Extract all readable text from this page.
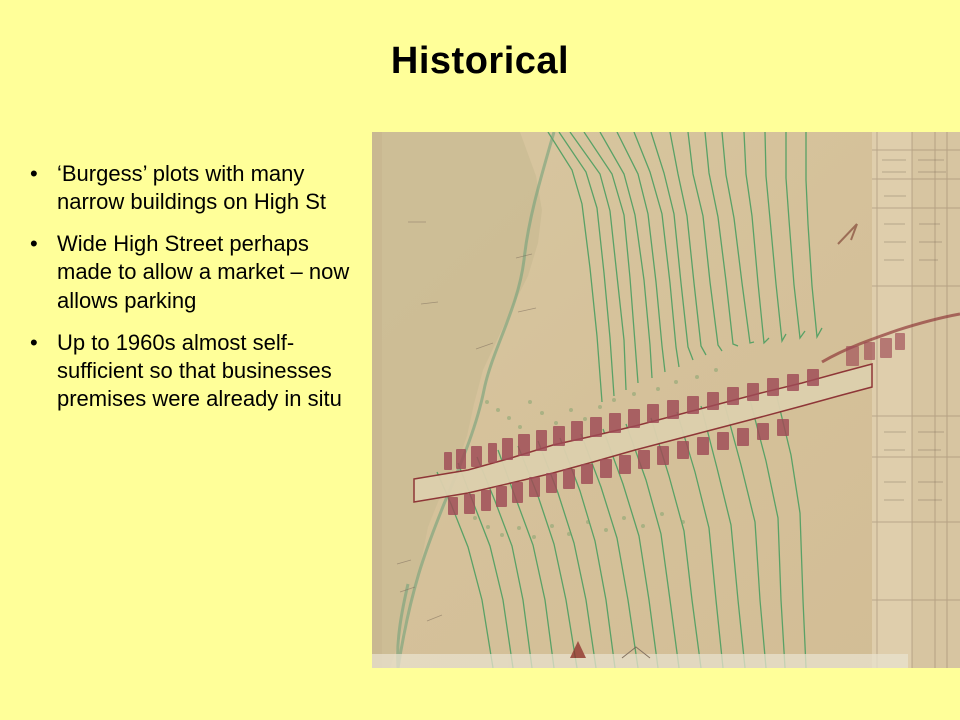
Historical
• ‘Burgess’ plots with many narrow buildings on High St
• Wide High Street perhaps made to allow a market – now allows parking
• Up to 1960s almost self-sufficient so that businesses premises were already in situ
